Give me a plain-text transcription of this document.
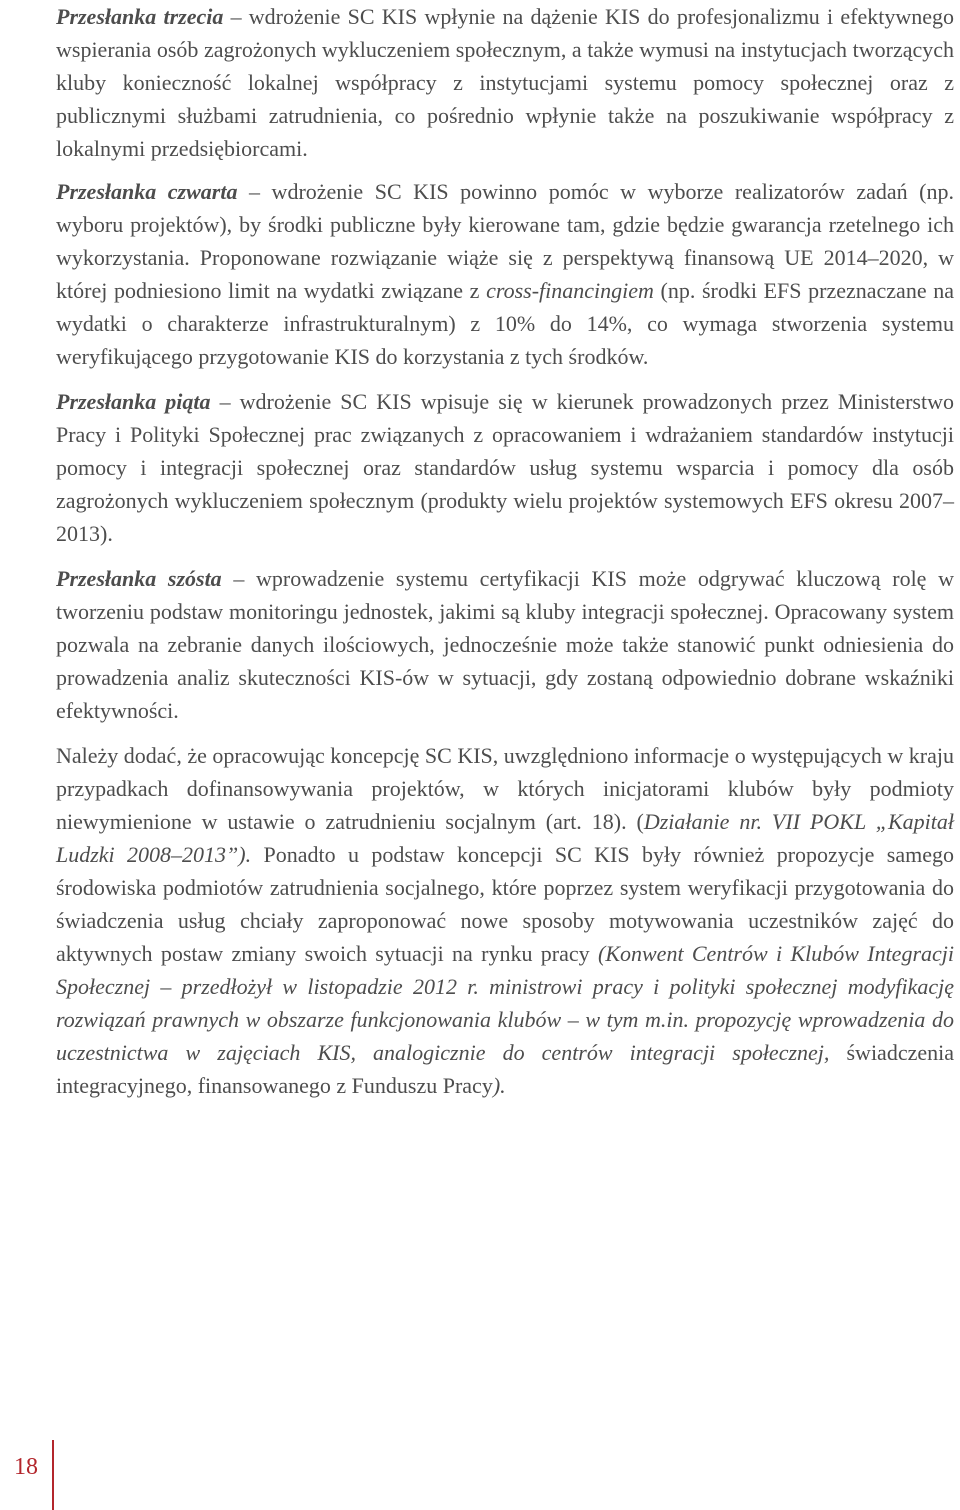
Przesłanka trzecia – wdrożenie SC KIS wpłynie na dążenie KIS do profesjonalizmu i efektywnego wspierania osób zagrożonych wykluczeniem społecznym, a także wymusi na instytucjach tworzących kluby konieczność lokalnej współpracy z instytucjami systemu pomocy społecznej oraz z publicznymi służbami zatrudnienia, co pośrednio wpłynie także na poszukiwanie współpracy z lokalnymi przedsiębiorcami.

Przesłanka czwarta – wdrożenie SC KIS powinno pomóc w wyborze realizatorów zadań (np. wyboru projektów), by środki publiczne były kierowane tam, gdzie będzie gwarancja rzetelnego ich wykorzystania. Proponowane rozwiązanie wiąże się z perspektywą finansową UE 2014–2020, w której podniesiono limit na wydatki związane z cross-financingiem (np. środki EFS przeznaczane na wydatki o charakterze infrastrukturalnym) z 10% do 14%, co wymaga stworzenia systemu weryfikującego przygotowanie KIS do korzystania z tych środków.

Przesłanka piąta – wdrożenie SC KIS wpisuje się w kierunek prowadzonych przez Ministerstwo Pracy i Polityki Społecznej prac związanych z opracowaniem i wdrażaniem standardów instytucji pomocy i integracji społecznej oraz standardów usług systemu wsparcia i pomocy dla osób zagrożonych wykluczeniem społecznym (produkty wielu projektów systemowych EFS okresu 2007–2013).

Przesłanka szósta – wprowadzenie systemu certyfikacji KIS może odgrywać kluczową rolę w tworzeniu podstaw monitoringu jednostek, jakimi są kluby integracji społecznej. Opracowany system pozwala na zebranie danych ilościowych, jednocześnie może także stanowić punkt odniesienia do prowadzenia analiz skuteczności KIS-ów w sytuacji, gdy zostaną odpowiednio dobrane wskaźniki efektywności.

Należy dodać, że opracowując koncepcję SC KIS, uwzględniono informacje o występujących w kraju przypadkach dofinansowywania projektów, w których inicjatorami klubów były podmioty niewymienione w ustawie o zatrudnieniu socjalnym (art. 18). (Działanie nr. VII POKL „Kapitał Ludzki 2008–2013”). Ponadto u podstaw koncepcji SC KIS były również propozycje samego środowiska podmiotów zatrudnienia socjalnego, które poprzez system weryfikacji przygotowania do świadczenia usług chciały zaproponować nowe sposoby motywowania uczestników zajęć do aktywnych postaw zmiany swoich sytuacji na rynku pracy (Konwent Centrów i Klubów Integracji Społecznej – przedłożył w listopadzie 2012 r. ministrowi pracy i polityki społecznej modyfikację rozwiązań prawnych w obszarze funkcjonowania klubów – w tym m.in. propozycję wprowadzenia do uczestnictwa w zajęciach KIS, analogicznie do centrów integracji społecznej, świadczenia integracyjnego, finansowanego z Funduszu Pracy).

18
